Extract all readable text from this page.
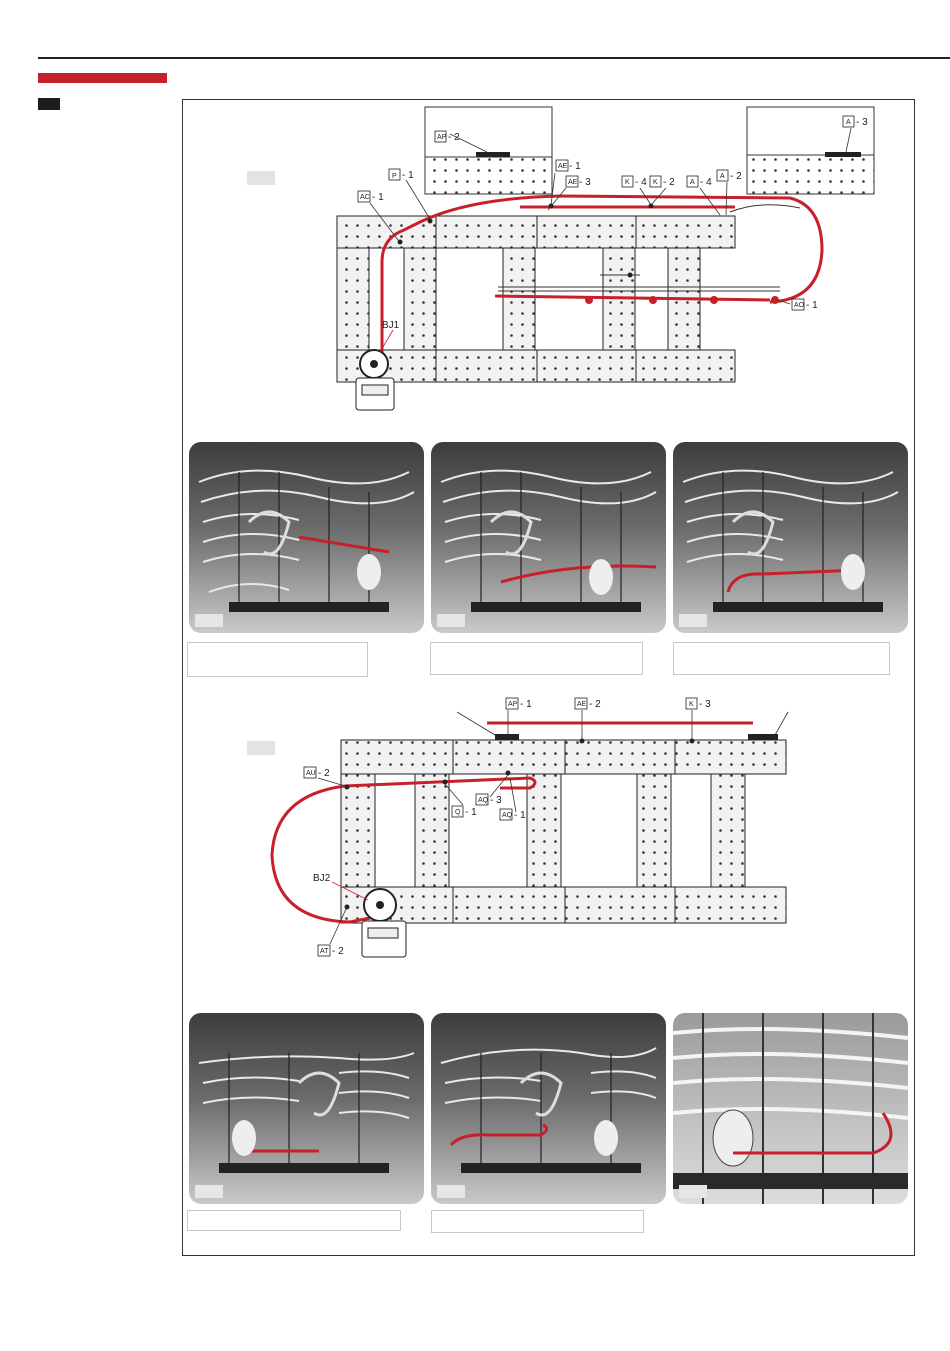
AP - 2
AE - 1
AE - 3
P - 1
AC - 1
K - 4 K - 2 A - 4
A - 2
A - 3
AO - 1
BJ1
AP - 1	AE - 2	K - 3
AU - 2
AQ - 3
Q - 1	AQ - 1
AT - 2
BJ2
